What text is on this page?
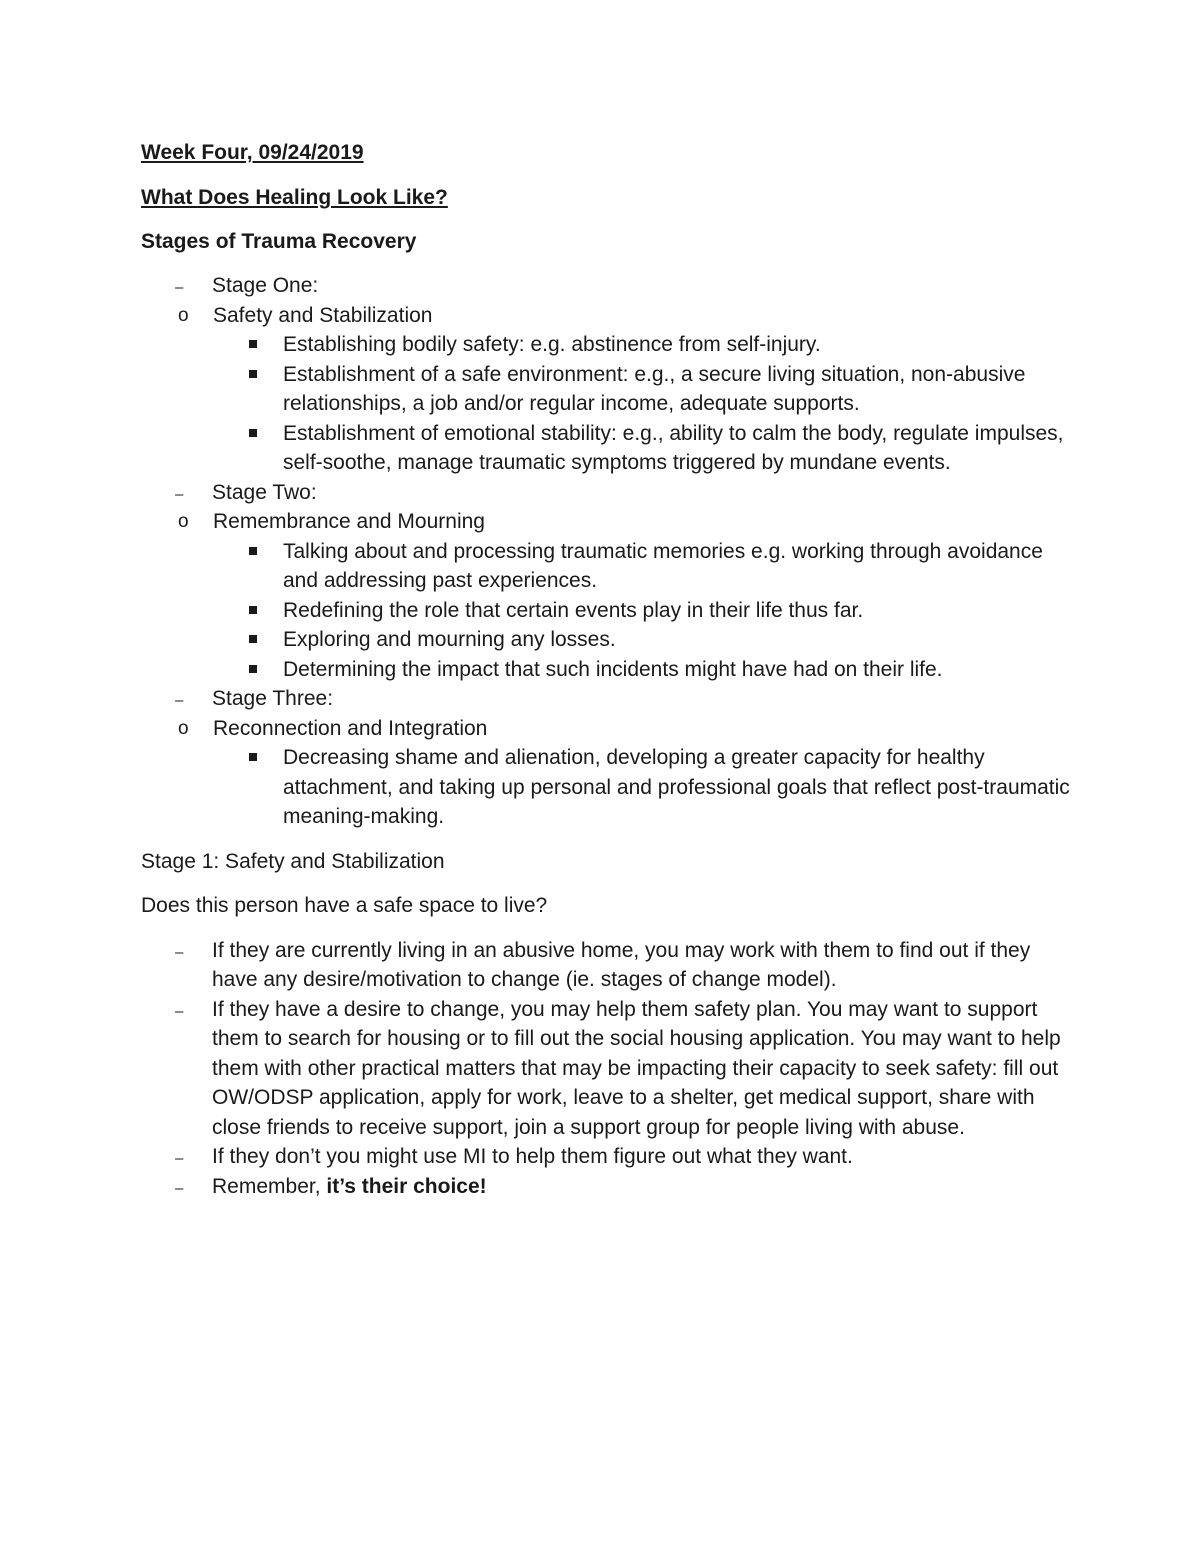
Week Four, 09/24/2019

What Does Healing Look Like?

Stages of Trauma Recovery

–	Stage One:
o Safety and Stabilization
Establishing bodily safety: e.g. abstinence from self-injury.
Establishment of a safe environment: e.g., a secure living situation, non-abusive relationships, a job and/or regular income, adequate supports.
Establishment of emotional stability: e.g., ability to calm the body, regulate impulses, self-soothe, manage traumatic symptoms triggered by mundane events.
–	Stage Two:
o Remembrance and Mourning
Talking about and processing traumatic memories e.g. working through avoidance and addressing past experiences.
Redefining the role that certain events play in their life thus far.
Exploring and mourning any losses.
Determining the impact that such incidents might have had on their life.
–	Stage Three:
o Reconnection and Integration
Decreasing shame and alienation, developing a greater capacity for healthy attachment, and taking up personal and professional goals that reflect post-traumatic meaning-making.

Stage 1: Safety and Stabilization

Does this person have a safe space to live?

–	If they are currently living in an abusive home, you may work with them to find out if they have any desire/motivation to change (ie. stages of change model).
–	If they have a desire to change, you may help them safety plan. You may want to support them to search for housing or to fill out the social housing application. You may want to help them with other practical matters that may be impacting their capacity to seek safety: fill out OW/ODSP application, apply for work, leave to a shelter, get medical support, share with close friends to receive support, join a support group for people living with abuse.
–	If they don’t you might use MI to help them figure out what they want.
–	Remember, it’s their choice!
